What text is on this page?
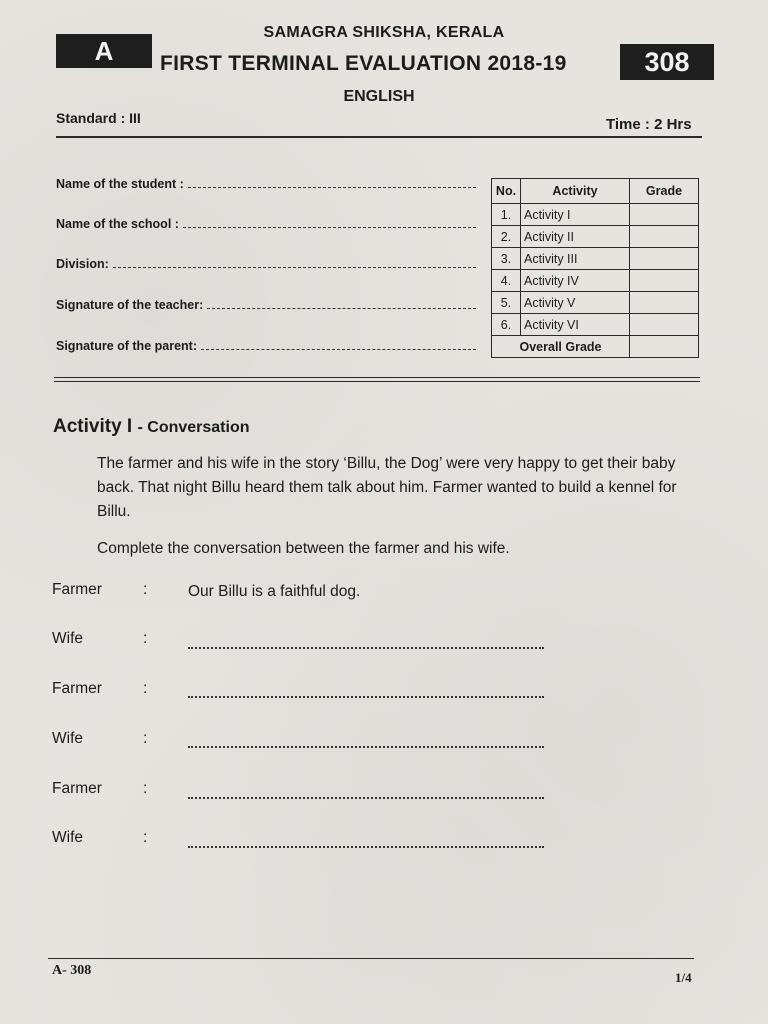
A
SAMAGRA SHIKSHA, KERALA
FIRST TERMINAL EVALUATION 2018-19	308
ENGLISH
Standard : III	Time : 2 Hrs
Name of the student :
Name of the school :
Division:
Signature of the teacher:
Signature of the parent:
No.	Activity	Grade
1.	Activity I	
2.	Activity II	
3.	Activity III	
4.	Activity IV	
5.	Activity V	
6.	Activity VI	
Overall Grade		
Activity I - Conversation
The farmer and his wife in the story ‘Billu, the Dog’ were very happy to get their baby back. That night Billu heard them talk about him. Farmer wanted to build a kennel for Billu.
Complete the conversation between the farmer and his wife.
Farmer	:	Our Billu is a faithful dog.
Wife	:
Farmer	:
Wife	:
Farmer	:
Wife	:
A- 308	1/4
